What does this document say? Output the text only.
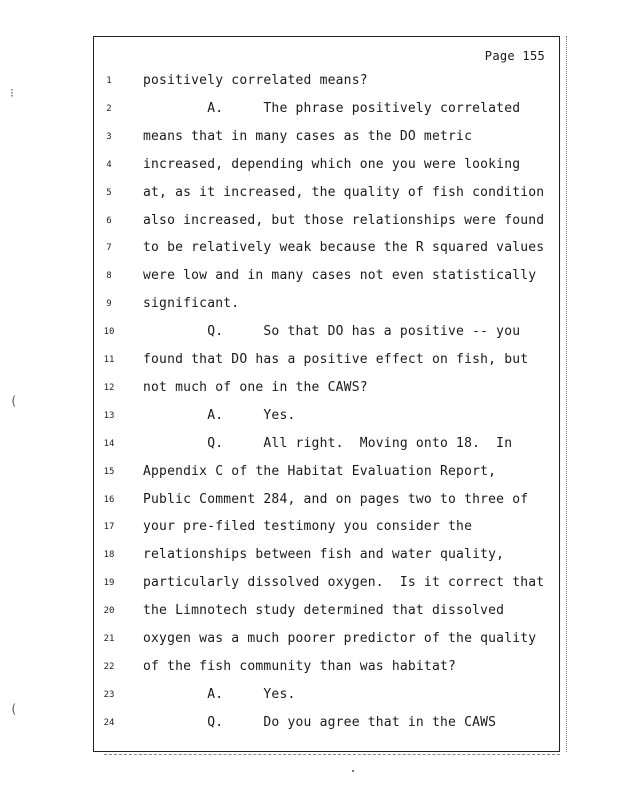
Page 155
1	positively correlated means?
2	A.     The phrase positively correlated
3	means that in many cases as the DO metric
4	increased, depending which one you were looking
5	at, as it increased, the quality of fish condition
6	also increased, but those relationships were found
7	to be relatively weak because the R squared values
8	were low and in many cases not even statistically
9	significant.
10	Q.     So that DO has a positive -- you
11	found that DO has a positive effect on fish, but
12	not much of one in the CAWS?
13	A.     Yes.
14	Q.     All right.  Moving onto 18.  In
15	Appendix C of the Habitat Evaluation Report,
16	Public Comment 284, and on pages two to three of
17	your pre-filed testimony you consider the
18	relationships between fish and water quality,
19	particularly dissolved oxygen.  Is it correct that
20	the Limnotech study determined that dissolved
21	oxygen was a much poorer predictor of the quality
22	of the fish community than was habitat?
23	A.     Yes.
24	Q.     Do you agree that in the CAWS
⁝
(
(
